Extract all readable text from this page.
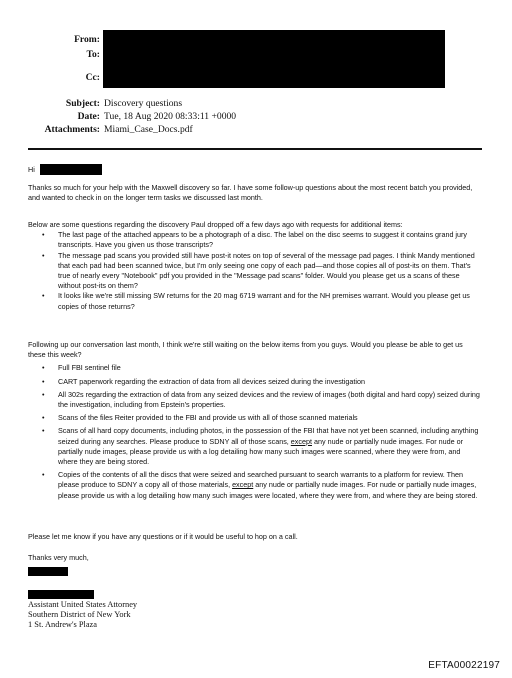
From:
To:
Cc:
Subject: Discovery questions
Date: Tue, 18 Aug 2020 08:33:11 +0000
Attachments: Miami_Case_Docs.pdf
Hi

Thanks so much for your help with the Maxwell discovery so far. I have some follow-up questions about the most recent batch you provided, and wanted to check in on the longer term tasks we discussed last month.

Below are some questions regarding the discovery Paul dropped off a few days ago with requests for additional items:

• The last page of the attached appears to be a photograph of a disc. The label on the disc seems to suggest it contains grand jury transcripts. Have you given us those transcripts?
• The message pad scans you provided still have post-it notes on top of several of the message pad pages. I think Mandy mentioned that each pad had been scanned twice, but I'm only seeing one copy of each pad—and those copies all of post-its on them. That's true of nearly every "Notebook" pdf you provided in the "Message pad scans" folder. Would you please get us a scans of these without post-its on them?
• It looks like we're still missing SW returns for the 20 mag 6719 warrant and for the NH premises warrant. Would you please get us copies of those returns?

Following up our conversation last month, I think we're still waiting on the below items from you guys. Would you please be able to get us these this week?

• Full FBI sentinel file
• CART paperwork regarding the extraction of data from all devices seized during the investigation
• All 302s regarding the extraction of data from any seized devices and the review of images (both digital and hard copy) seized during the investigation, including from Epstein's properties.
• Scans of the files Reiter provided to the FBI and provide us with all of those scanned materials
• Scans of all hard copy documents, including photos, in the possession of the FBI that have not yet been scanned, including anything seized during any searches. Please produce to SDNY all of those scans, except any nude or partially nude images. For nude or partially nude images, please provide us with a log detailing how many such images were scanned, where they were from, and where they are being stored.
• Copies of the contents of all the discs that were seized and searched pursuant to search warrants to a platform for review. Then please produce to SDNY a copy all of those materials, except any nude or partially nude images. For nude or partially nude images, please provide us with a log detailing how many such images were located, where they were from, and where they are being stored.

Please let me know if you have any questions or if it would be useful to hop on a call.

Thanks very much,

Assistant United States Attorney
Southern District of New York
1 St. Andrew's Plaza
EFTA00022197
